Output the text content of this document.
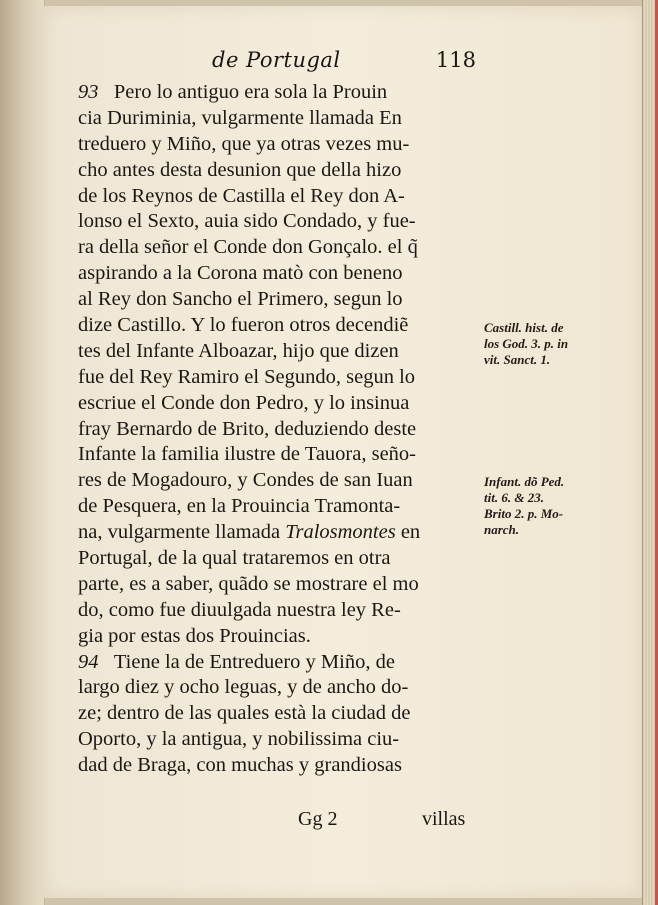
de Portugal	118
93 Pero lo antiguo era sola la Prouin
cia Duriminia, vulgarmente llamada En
treduero y Miño, que ya otras vezes mu-
cho antes desta desunion que della hizo
de los Reynos de Castilla el Rey don A-
lonso el Sexto, auia sido Condado, y fue-
ra della señor el Conde don Gonçalo. el q̃
aspirando a la Corona matò con beneno
al Rey don Sancho el Primero, segun lo
dize Castillo. Y lo fueron otros decendiẽ
tes del Infante Alboazar, hijo que dizen
fue del Rey Ramiro el Segundo, segun lo
escriue el Conde don Pedro, y lo insinua
fray Bernardo de Brito, deduziendo deste
Infante la familia ilustre de Tauora, seño-
res de Mogadouro, y Condes de san Iuan
de Pesquera, en la Prouincia Tramonta-
na, vulgarmente llamada Tralosmontes en
Portugal, de la qual trataremos en otra
parte, es a saber, quãdo se mostrare el mo
do, como fue diuulgada nuestra ley Re-
gia por estas dos Prouincias.
94 Tiene la de Entreduero y Miño, de
largo diez y ocho leguas, y de ancho do-
ze; dentro de las quales està la ciudad de
Oporto, y la antigua, y nobilissima ciu-
dad de Braga, con muchas y grandiosas
Gg 2	villas
Castill. hist. de
los God. 3. p. in
vit. Sanct. 1.
Infant. dõ Ped.
tit. 6. & 23.
Brito 2. p. Mo-
narch.
